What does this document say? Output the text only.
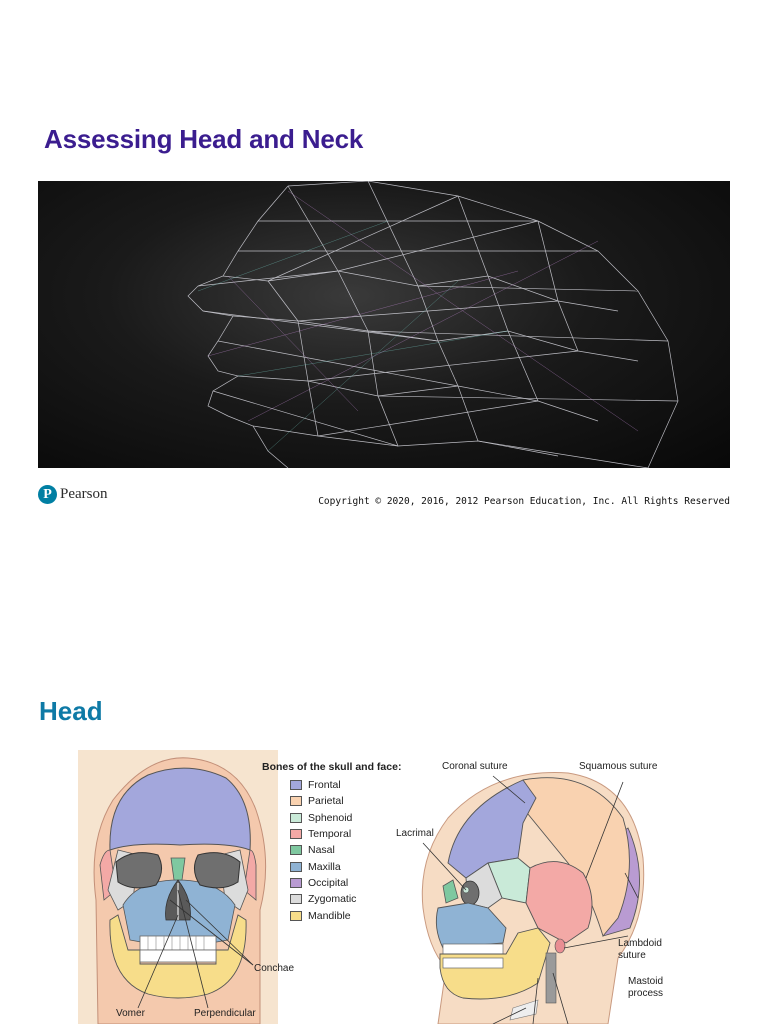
Assessing Head and Neck
P Pearson	Copyright © 2020, 2016, 2012 Pearson Education, Inc. All Rights Reserved
Head
Conchae
Vomer	Perpendicular
Bones of the skull and face:
Frontal
Parietal
Sphenoid
Temporal
Nasal
Maxilla
Occipital
Zygomatic
Mandible
Coronal suture	Squamous suture
Lacrimal
Lambdoid
suture
Mastoid
process
